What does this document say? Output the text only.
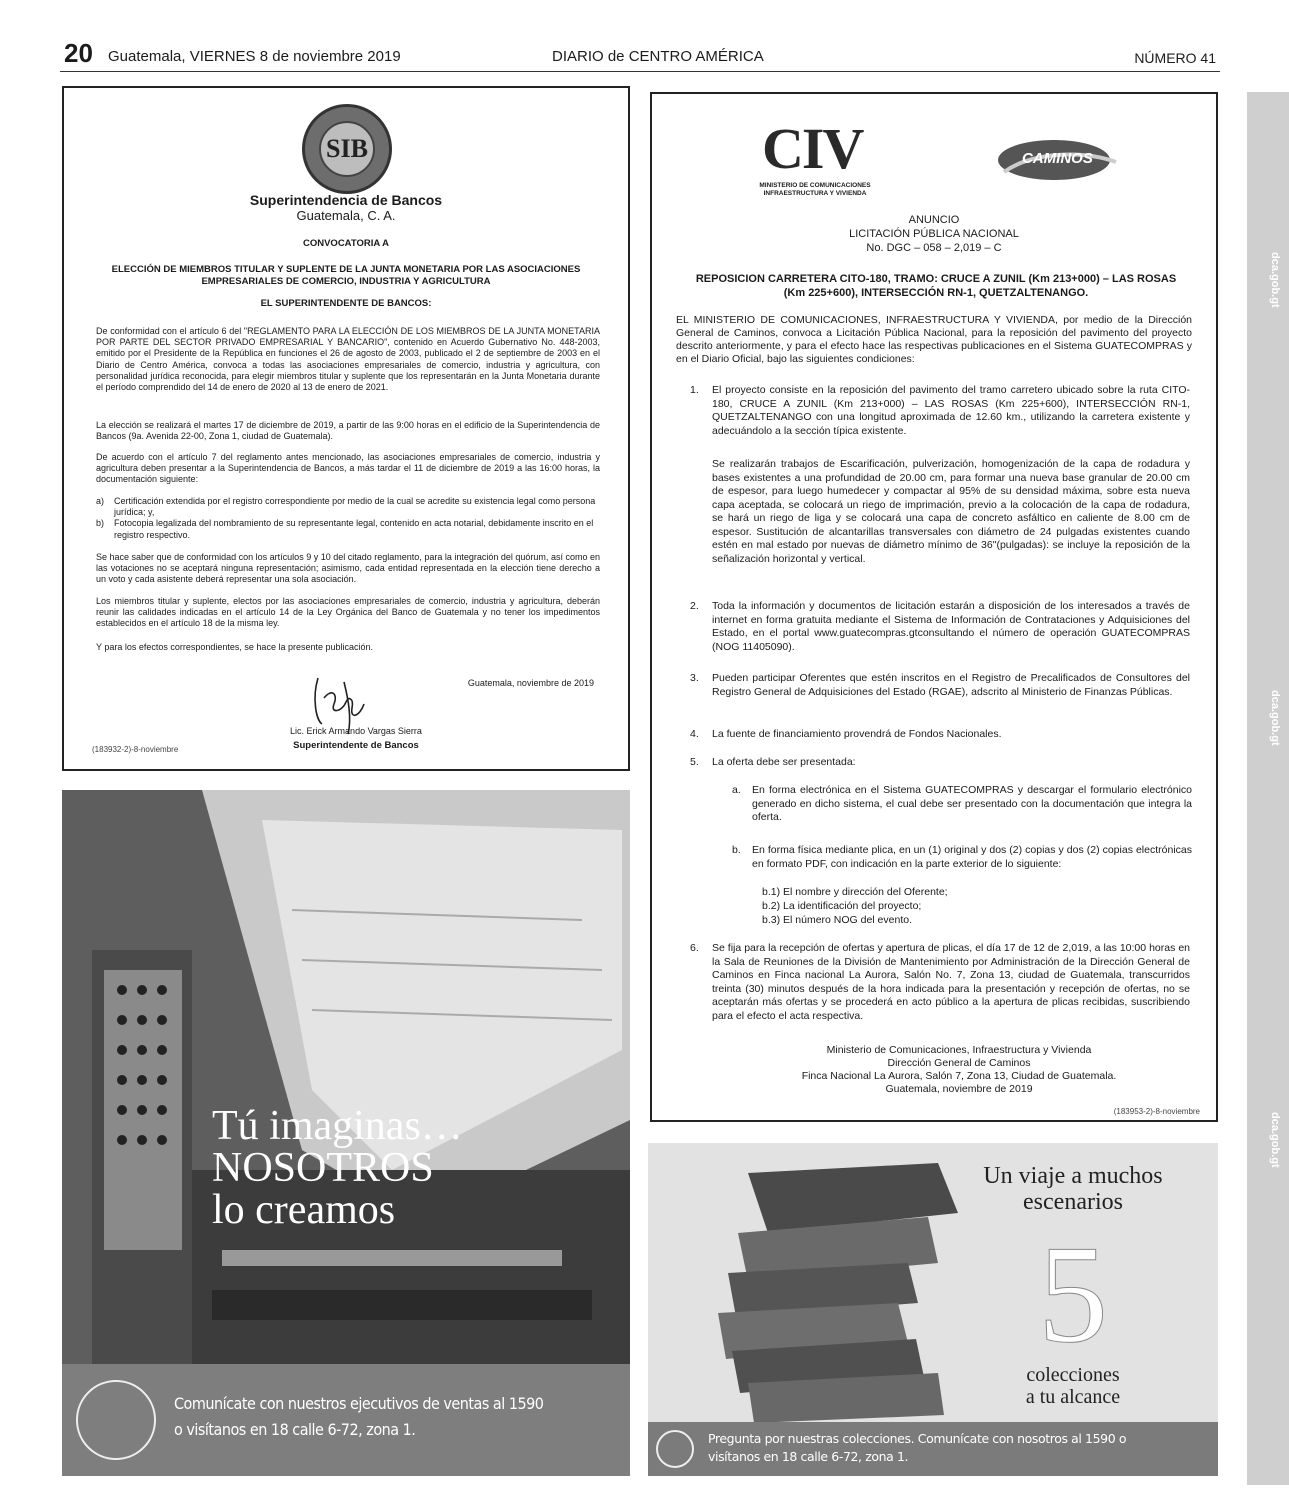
20 Guatemala, VIERNES 8 de noviembre 2019	DIARIO de CENTRO AMÉRICA	NÚMERO 41
dca.gob.gt
dca.gob.gt
dca.gob.gt
SIB
Superintendencia de Bancos
Guatemala, C. A.
CONVOCATORIA A
ELECCIÓN DE MIEMBROS TITULAR Y SUPLENTE DE LA JUNTA MONETARIA POR LAS ASOCIACIONES
EMPRESARIALES DE COMERCIO, INDUSTRIA Y AGRICULTURA
EL SUPERINTENDENTE DE BANCOS:
De conformidad con el artículo 6 del "REGLAMENTO PARA LA ELECCIÓN DE LOS MIEMBROS DE LA JUNTA MONETARIA POR PARTE DEL SECTOR PRIVADO EMPRESARIAL Y BANCARIO", contenido en Acuerdo Gubernativo No. 448-2003, emitido por el Presidente de la República en funciones el 26 de agosto de 2003, publicado el 2 de septiembre de 2003 en el Diario de Centro América, convoca a todas las asociaciones empresariales de comercio, industria y agricultura, con personalidad jurídica reconocida, para elegir miembros titular y suplente que los representarán en la Junta Monetaria durante el período comprendido del 14 de enero de 2020 al 13 de enero de 2021.
La elección se realizará el martes 17 de diciembre de 2019, a partir de las 9:00 horas en el edificio de la Superintendencia de Bancos (9a. Avenida 22-00, Zona 1, ciudad de Guatemala).
De acuerdo con el artículo 7 del reglamento antes mencionado, las asociaciones empresariales de comercio, industria y agricultura deben presentar a la Superintendencia de Bancos, a más tardar el 11 de diciembre de 2019 a las 16:00 horas, la documentación siguiente:
a)	Certificación extendida por el registro correspondiente por medio de la cual se acredite su existencia legal como persona jurídica; y,
b)	Fotocopia legalizada del nombramiento de su representante legal, contenido en acta notarial, debidamente inscrito en el registro respectivo.
Se hace saber que de conformidad con los artículos 9 y 10 del citado reglamento, para la integración del quórum, así como en las votaciones no se aceptará ninguna representación; asimismo, cada entidad representada en la elección tiene derecho a un voto y cada asistente deberá representar una sola asociación.
Los miembros titular y suplente, electos por las asociaciones empresariales de comercio, industria y agricultura, deberán reunir las calidades indicadas en el artículo 14 de la Ley Orgánica del Banco de Guatemala y no tener los impedimentos establecidos en el artículo 18 de la misma ley.
Y para los efectos correspondientes, se hace la presente publicación.
Guatemala, noviembre de 2019
Lic. Erick Armando Vargas Sierra
Superintendente de Bancos
(183932-2)-8-noviembre
CIV
MINISTERIO DE COMUNICACIONES
INFRAESTRUCTURA Y VIVIENDA
CAMINOS
ANUNCIO
LICITACIÓN PÚBLICA NACIONAL
No. DGC – 058 – 2,019 – C
REPOSICION CARRETERA CITO-180, TRAMO: CRUCE A ZUNIL (Km 213+000) – LAS ROSAS
(Km 225+600), INTERSECCIÓN RN-1, QUETZALTENANGO.
EL MINISTERIO DE COMUNICACIONES, INFRAESTRUCTURA Y VIVIENDA, por medio de la Dirección General de Caminos, convoca a Licitación Pública Nacional, para la reposición del pavimento del proyecto descrito anteriormente, y para el efecto hace las respectivas publicaciones en el Sistema GUATECOMPRAS y en el Diario Oficial, bajo las siguientes condiciones:
1.	El proyecto consiste en la reposición del pavimento del tramo carretero ubicado sobre la ruta CITO-180, CRUCE A ZUNIL (Km 213+000) – LAS ROSAS (Km 225+600), INTERSECCIÓN RN-1, QUETZALTENANGO con una longitud aproximada de 12.60 km., utilizando la carretera existente y adecuándolo a la sección típica existente.
Se realizarán trabajos de Escarificación, pulverización, homogenización de la capa de rodadura y bases existentes a una profundidad de 20.00 cm, para formar una nueva base granular de 20.00 cm de espesor, para luego humedecer y compactar al 95% de su densidad máxima, sobre esta nueva capa aceptada, se colocará un riego de imprimación, previo a la colocación de la capa de rodadura, se hará un riego de liga y se colocará una capa de concreto asfáltico en caliente de 8.00 cm de espesor. Sustitución de alcantarillas transversales con diámetro de 24 pulgadas existentes cuando estén en mal estado por nuevas de diámetro mínimo de 36"(pulgadas): se incluye la reposición de la señalización horizontal y vertical.
2.	Toda la información y documentos de licitación estarán a disposición de los interesados a través de internet en forma gratuita mediante el Sistema de Información de Contrataciones y Adquisiciones del Estado, en el portal www.guatecompras.gtconsultando el número de operación GUATECOMPRAS (NOG 11405090).
3.	Pueden participar Oferentes que estén inscritos en el Registro de Precalificados de Consultores del Registro General de Adquisiciones del Estado (RGAE), adscrito al Ministerio de Finanzas Públicas.
4.	La fuente de financiamiento provendrá de Fondos Nacionales.
5.	La oferta debe ser presentada:
a.	En forma electrónica en el Sistema GUATECOMPRAS y descargar el formulario electrónico generado en dicho sistema, el cual debe ser presentado con la documentación que integra la oferta.
b.	En forma física mediante plica, en un (1) original y dos (2) copias y dos (2) copias electrónicas en formato PDF, con indicación en la parte exterior de lo siguiente:
b.1) El nombre y dirección del Oferente;
b.2) La identificación del proyecto;
b.3) El número NOG del evento.
6.	Se fija para la recepción de ofertas y apertura de plicas, el día 17 de 12 de 2,019, a las 10:00 horas en la Sala de Reuniones de la División de Mantenimiento por Administración de la Dirección General de Caminos en Finca nacional La Aurora, Salón No. 7, Zona 13, ciudad de Guatemala, transcurridos treinta (30) minutos después de la hora indicada para la presentación y recepción de ofertas, no se aceptarán más ofertas y se procederá en acto público a la apertura de plicas recibidas, suscribiendo para el efecto el acta respectiva.
Ministerio de Comunicaciones, Infraestructura y Vivienda
Dirección General de Caminos
Finca Nacional La Aurora, Salón 7, Zona 13, Ciudad de Guatemala.
Guatemala, noviembre de 2019
(183953-2)-8-noviembre
Tú imaginas…
NOSOTROS
lo creamos
Comunícate con nuestros ejecutivos de ventas al 1590
o visítanos en 18 calle 6-72, zona 1.
Un viaje a muchos
escenarios
5
colecciones
a tu alcance
Pregunta por nuestras colecciones. Comunícate con nosotros al 1590 o
visítanos en 18 calle 6-72, zona 1.
